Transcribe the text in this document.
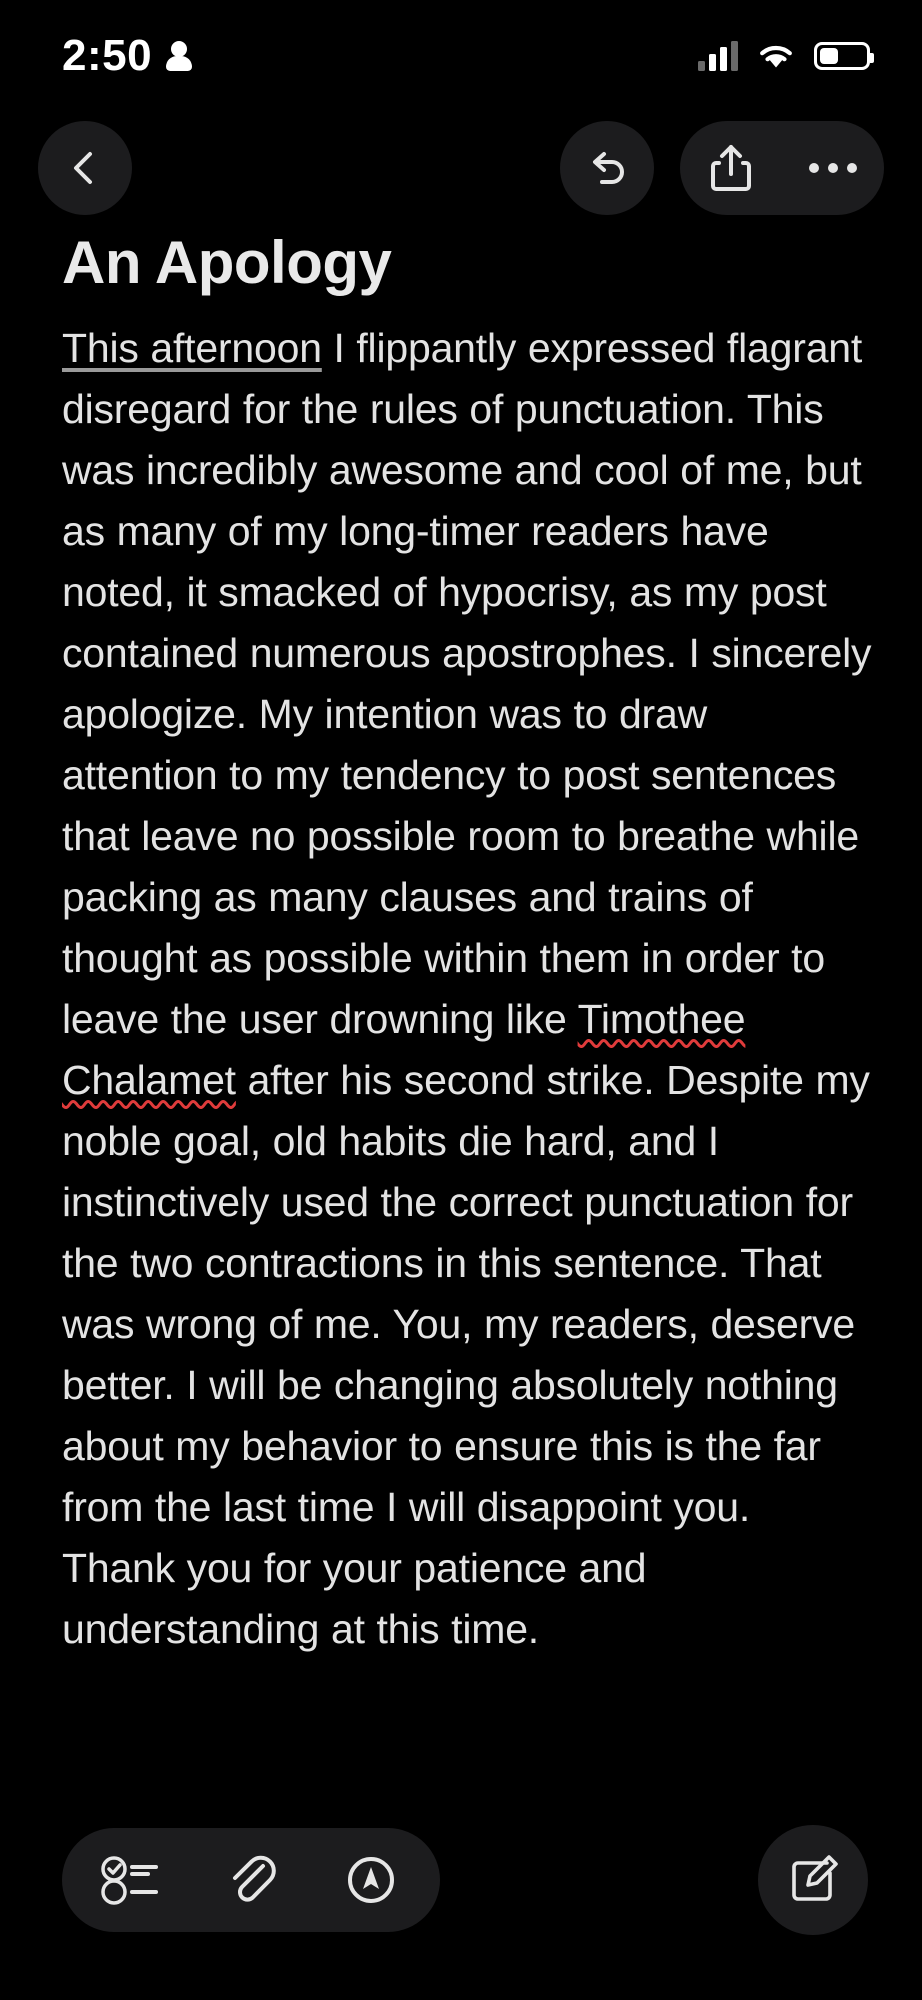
2:50
An Apology
This afternoon I flippantly expressed flagrant disregard for the rules of punctuation. This was incredibly awesome and cool of me, but as many of my long-timer readers have noted, it smacked of hypocrisy, as my post contained numerous apostrophes. I sincerely apologize. My intention was to draw attention to my tendency to post sentences that leave no possible room to breathe while packing as many clauses and trains of thought as possible within them in order to leave the user drowning like Timothee Chalamet after his second strike. Despite my noble goal, old habits die hard, and I instinctively used the correct punctuation for the two contractions in this sentence. That was wrong of me. You, my readers, deserve better. I will be changing absolutely nothing about my behavior to ensure this is the far from the last time I will disappoint you. Thank you for your patience and understanding at this time.
